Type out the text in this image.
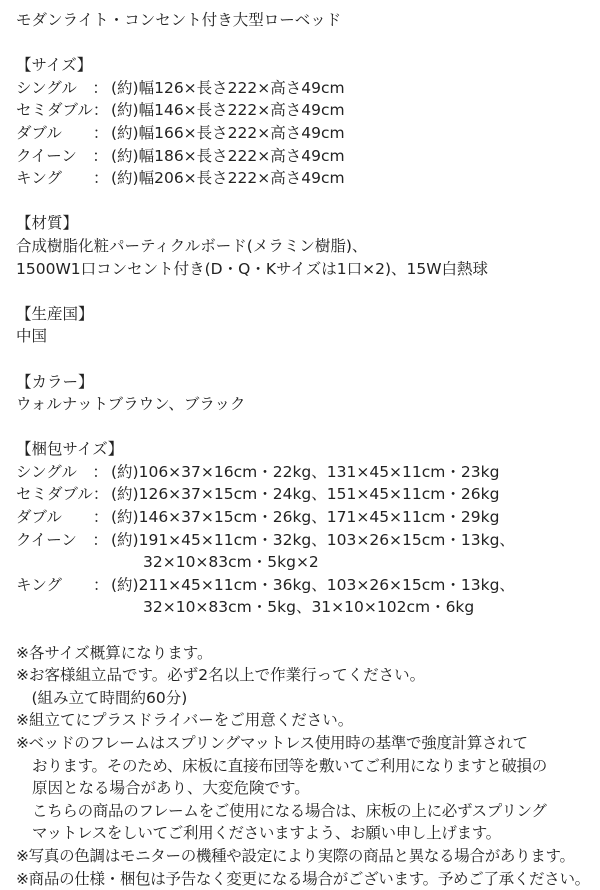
モダンライト・コンセント付き大型ローベッド
【サイズ】
シングル　： (約)幅126×長さ222×高さ49cm
セミダブル： (約)幅146×長さ222×高さ49cm
ダブル　　： (約)幅166×長さ222×高さ49cm
クイーン　： (約)幅186×長さ222×高さ49cm
キング　　： (約)幅206×長さ222×高さ49cm
【材質】
合成樹脂化粧パーティクルボード(メラミン樹脂)、
1500W1口コンセント付き(D・Q・Kサイズは1口×2)、15W白熱球
【生産国】
中国
【カラー】
ウォルナットブラウン、ブラック
【梱包サイズ】
シングル　： (約)106×37×16cm・22kg、131×45×11cm・23kg
セミダブル： (約)126×37×15cm・24kg、151×45×11cm・26kg
ダブル　　： (約)146×37×15cm・26kg、171×45×11cm・29kg
クイーン　： (約)191×45×11cm・32kg、103×26×15cm・13kg、
32×10×83cm・5kg×2
キング　　： (約)211×45×11cm・36kg、103×26×15cm・13kg、
32×10×83cm・5kg、31×10×102cm・6kg
※各サイズ概算になります。
※お客様組立品です。必ず2名以上で作業行ってください。
　(組み立て時間約60分)
※組立てにプラスドライバーをご用意ください。
※ベッドのフレームはスプリングマットレス使用時の基準で強度計算されて
おります。そのため、床板に直接布団等を敷いてご利用になりますと破損の
原因となる場合があり、大変危険です。
こちらの商品のフレームをご使用になる場合は、床板の上に必ずスプリング
マットレスをしいてご利用くださいますよう、お願い申し上げます。
※写真の色調はモニターの機種や設定により実際の商品と異なる場合があります。
※商品の仕様・梱包は予告なく変更になる場合がございます。予めご了承ください。
